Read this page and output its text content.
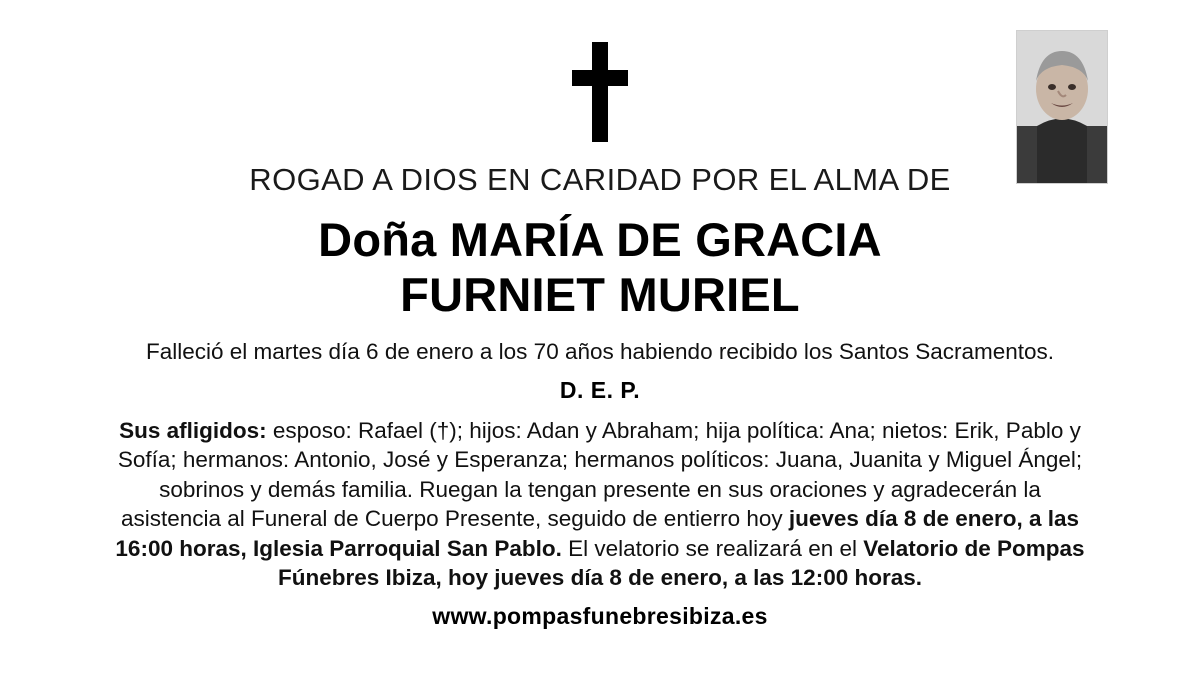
ROGAD A DIOS EN CARIDAD POR EL ALMA DE
Doña MARÍA DE GRACIA
FURNIET MURIEL
Falleció el martes día 6 de enero a los 70 años habiendo recibido los Santos Sacramentos.
D. E. P.
Sus afligidos: esposo: Rafael (†); hijos: Adan y Abraham; hija política: Ana; nietos: Erik, Pablo y Sofía; hermanos: Antonio, José y Esperanza; hermanos políticos: Juana, Juanita y Miguel Ángel; sobrinos y demás familia. Ruegan la tengan presente en sus oraciones y agradecerán la asistencia al Funeral de Cuerpo Presente, seguido de entierro hoy jueves día 8 de enero, a las 16:00 horas, Iglesia Parroquial San Pablo. El velatorio se realizará en el Velatorio de Pompas Fúnebres Ibiza, hoy jueves día 8 de enero, a las 12:00 horas.
www.pompasfunebresibiza.es
